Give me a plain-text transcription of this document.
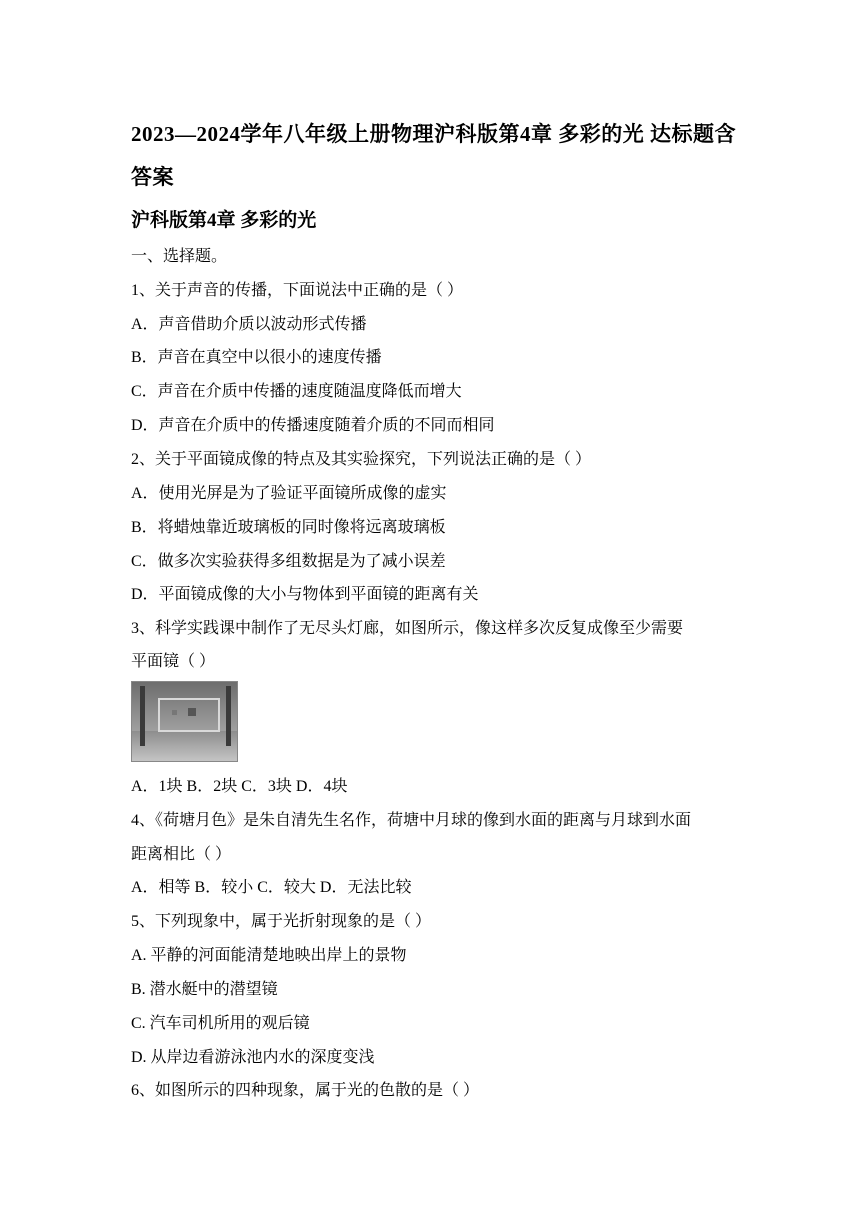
2023—2024学年八年级上册物理沪科版第4章 多彩的光 达标题含
答案
沪科版第4章 多彩的光
一、选择题。
1、关于声音的传播，下面说法中正确的是（ ）
A．声音借助介质以波动形式传播
B．声音在真空中以很小的速度传播
C．声音在介质中传播的速度随温度降低而增大
D．声音在介质中的传播速度随着介质的不同而相同
2、关于平面镜成像的特点及其实验探究，下列说法正确的是（ ）
A．使用光屏是为了验证平面镜所成像的虚实
B．将蜡烛靠近玻璃板的同时像将远离玻璃板
C．做多次实验获得多组数据是为了减小误差
D．平面镜成像的大小与物体到平面镜的距离有关
3、科学实践课中制作了无尽头灯廊，如图所示，像这样多次反复成像至少需要
平面镜（ ）
A．1块 B．2块 C．3块 D．4块
4、《荷塘月色》是朱自清先生名作，荷塘中月球的像到水面的距离与月球到水面
距离相比（ ）
A．相等 B．较小 C．较大 D．无法比较
5、下列现象中，属于光折射现象的是（ ）
A. 平静的河面能清楚地映出岸上的景物
B. 潜水艇中的潜望镜
C. 汽车司机所用的观后镜
D. 从岸边看游泳池内水的深度变浅
6、如图所示的四种现象，属于光的色散的是（ ）
